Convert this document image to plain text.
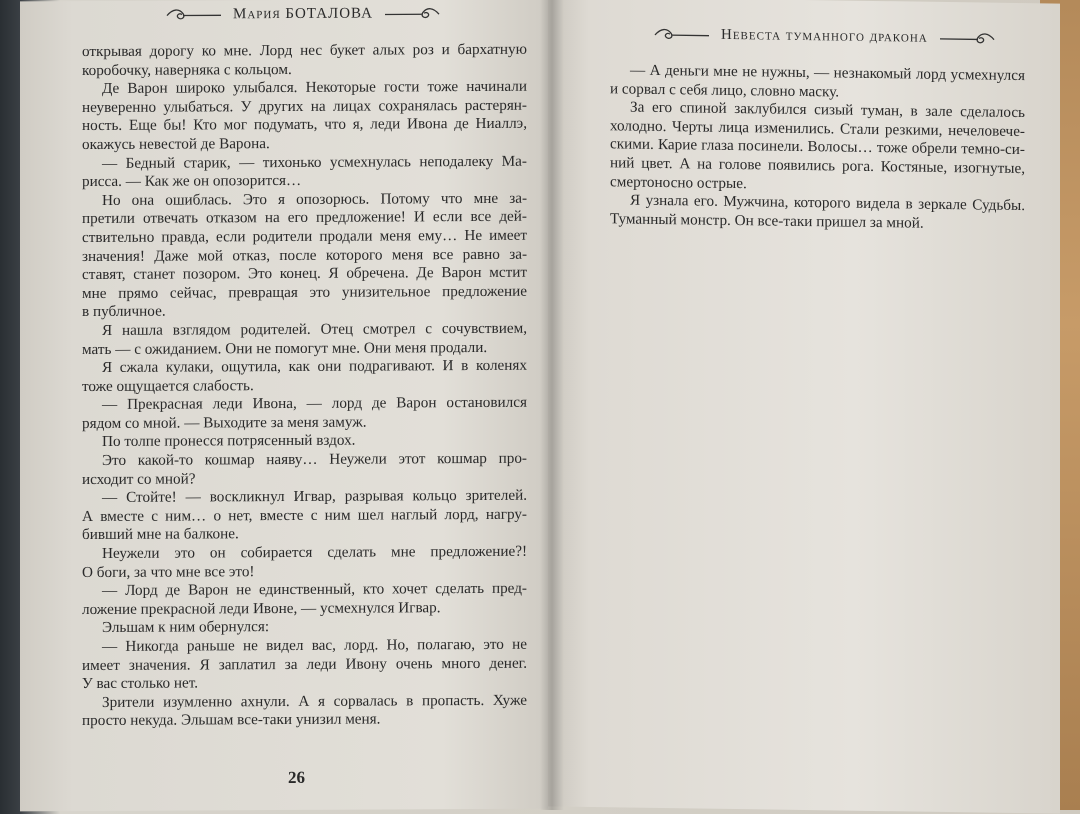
Мария БОТАЛОВА

открывая дорогу ко мне. Лорд нес букет алых роз и бархатную

коробочку, наверняка с кольцом.

Де Варон широко улыбался. Некоторые гости тоже начинали

неуверенно улыбаться. У других на лицах сохранялась растерян-

ность. Еще бы! Кто мог подумать, что я, леди Ивона де Ниаллэ,

окажусь невестой де Варона.

— Бедный старик, — тихонько усмехнулась неподалеку Ма-

рисса. — Как же он опозорится…

Но она ошиблась. Это я опозорюсь. Потому что мне за-

претили отвечать отказом на его предложение! И если все дей-

ствительно правда, если родители продали меня ему… Не имеет

значения! Даже мой отказ, после которого меня все равно за-

ставят, станет позором. Это конец. Я обречена. Де Варон мстит

мне прямо сейчас, превращая это унизительное предложение

в публичное.

Я нашла взглядом родителей. Отец смотрел с сочувствием,

мать — с ожиданием. Они не помогут мне. Они меня продали.

Я сжала кулаки, ощутила, как они подрагивают. И в коленях

тоже ощущается слабость.

— Прекрасная леди Ивона, — лорд де Варон остановился

рядом со мной. — Выходите за меня замуж.

По толпе пронесся потрясенный вздох.

Это какой-то кошмар наяву… Неужели этот кошмар про-

исходит со мной?

— Стойте! — воскликнул Игвар, разрывая кольцо зрителей.

А вместе с ним… о нет, вместе с ним шел наглый лорд, нагру-

бивший мне на балконе.

Неужели это он собирается сделать мне предложение?!

О боги, за что мне все это!

— Лорд де Варон не единственный, кто хочет сделать пред-

ложение прекрасной леди Ивоне, — усмехнулся Игвар.

Эльшам к ним обернулся:

— Никогда раньше не видел вас, лорд. Но, полагаю, это не

имеет значения. Я заплатил за леди Ивону очень много денег.

У вас столько нет.

Зрители изумленно ахнули. А я сорвалась в пропасть. Хуже

просто некуда. Эльшам все-таки унизил меня.

26
Невеста туманного дракона

— А деньги мне не нужны, — незнакомый лорд усмехнулся

и сорвал с себя лицо, словно маску.

За его спиной заклубился сизый туман, в зале сделалось

холодно. Черты лица изменились. Стали резкими, нечеловече-

скими. Карие глаза посинели. Волосы… тоже обрели темно-си-

ний цвет. А на голове появились рога. Костяные, изогнутые,

смертоносно острые.

Я узнала его. Мужчина, которого видела в зеркале Судьбы.

Туманный монстр. Он все-таки пришел за мной.
